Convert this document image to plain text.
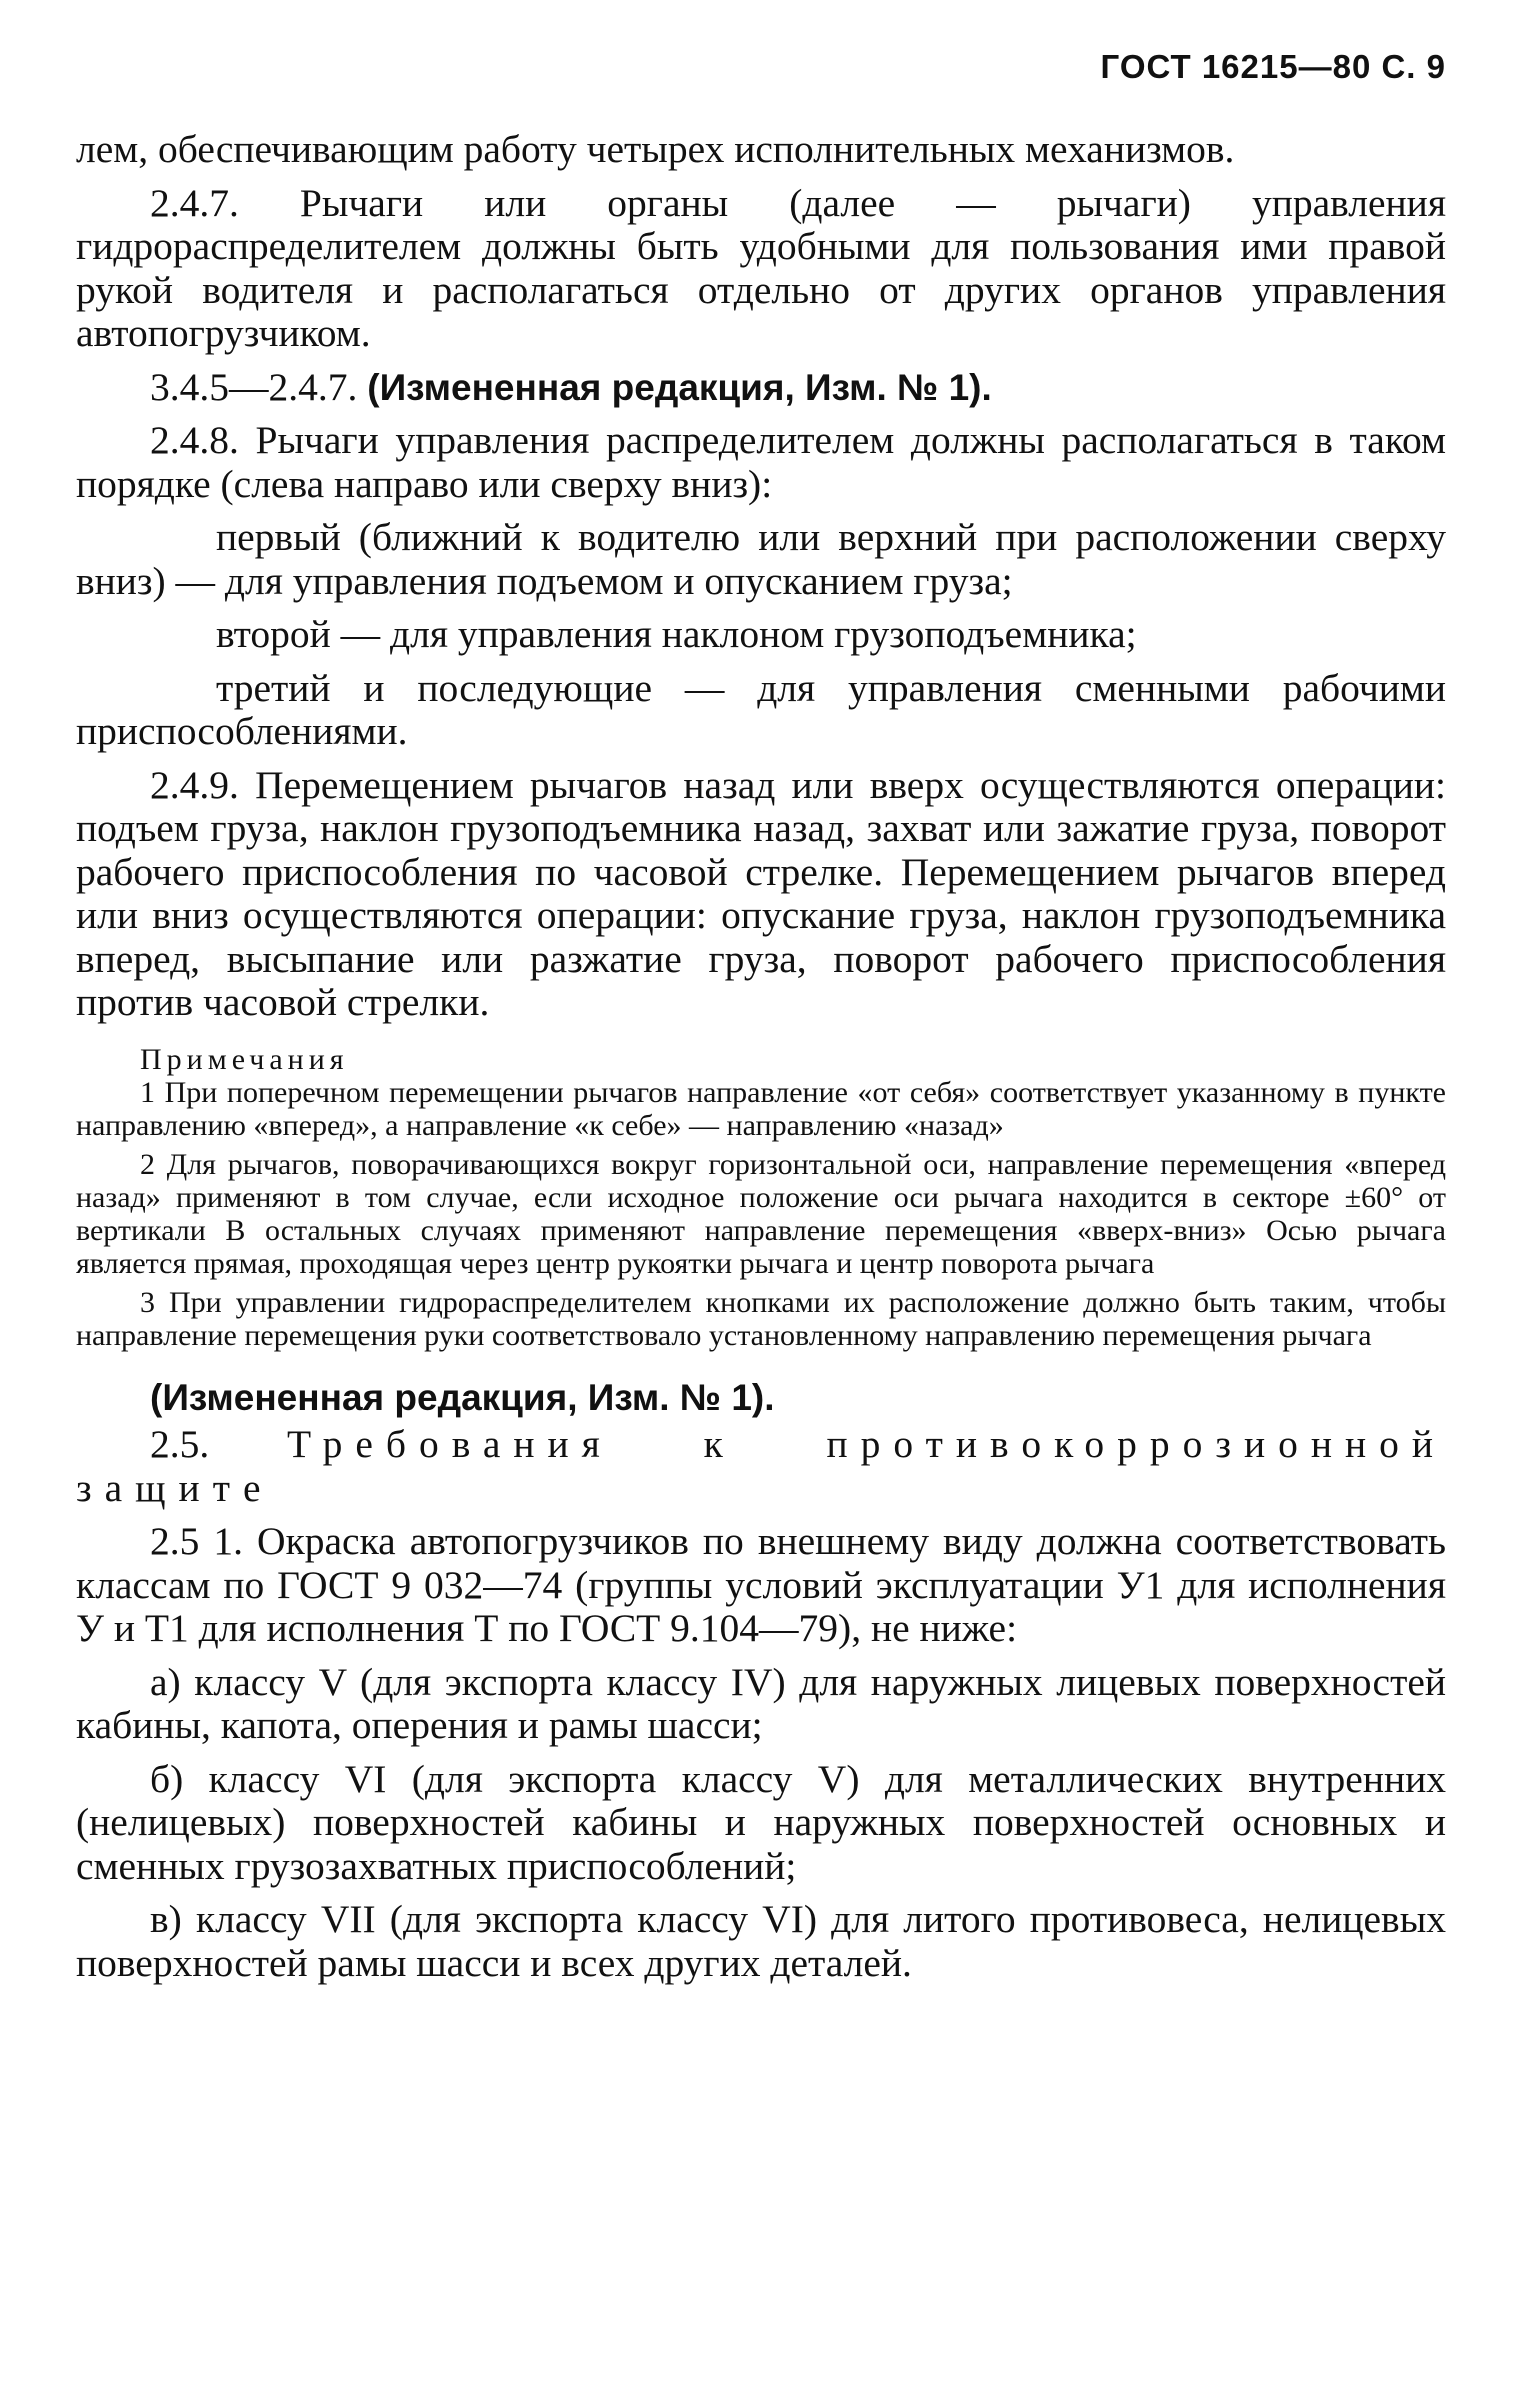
ГОСТ 16215—80 С. 9

лем, обеспечивающим работу четырех исполнительных механизмов.

2.4.7. Рычаги или органы (далее — рычаги) управления гидрораспределителем должны быть удобными для пользования ими правой рукой водителя и располагаться отдельно от других органов управления автопогрузчиком.

3.4.5—2.4.7. (Измененная редакция, Изм. № 1).

2.4.8. Рычаги управления распределителем должны располагаться в таком порядке (слева направо или сверху вниз):

первый (ближний к водителю или верхний при расположении сверху вниз) — для управления подъемом и опусканием груза;

второй — для управления наклоном грузоподъемника;

третий и последующие — для управления сменными рабочими приспособлениями.

2.4.9. Перемещением рычагов назад или вверх осуществляются операции: подъем груза, наклон грузоподъемника назад, захват или зажатие груза, поворот рабочего приспособления по часовой стрелке. Перемещением рычагов вперед или вниз осуществляются операции: опускание груза, наклон грузоподъемника вперед, высыпание или разжатие груза, поворот рабочего приспособления против часовой стрелки.

Примечания

1 При поперечном перемещении рычагов направление «от себя» соответствует указанному в пункте направлению «вперед», а направление «к себе» — направлению «назад»

2 Для рычагов, поворачивающихся вокруг горизонтальной оси, направление перемещения «вперед назад» применяют в том случае, если исходное положение оси рычага находится в секторе ±60° от вертикали В остальных случаях применяют направление перемещения «вверх-вниз» Осью рычага является прямая, проходящая через центр рукоятки рычага и центр поворота рычага

3 При управлении гидрораспределителем кнопками их расположение должно быть таким, чтобы направление перемещения руки соответствовало установленному направлению перемещения рычага

(Измененная редакция, Изм. № 1).

2.5. Требования к противокоррозионной защите

2.5 1. Окраска автопогрузчиков по внешнему виду должна соответствовать классам по ГОСТ 9 032—74 (группы условий эксплуатации У1 для исполнения У и Т1 для исполнения Т по ГОСТ 9.104—79), не ниже:

а) классу V (для экспорта классу IV) для наружных лицевых поверхностей кабины, капота, оперения и рамы шасси;

б) классу VI (для экспорта классу V) для металлических внутренних (нелицевых) поверхностей кабины и наружных поверхностей основных и сменных грузозахватных приспособлений;

в) классу VII (для экспорта классу VI) для литого противовеса, нелицевых поверхностей рамы шасси и всех других деталей.
